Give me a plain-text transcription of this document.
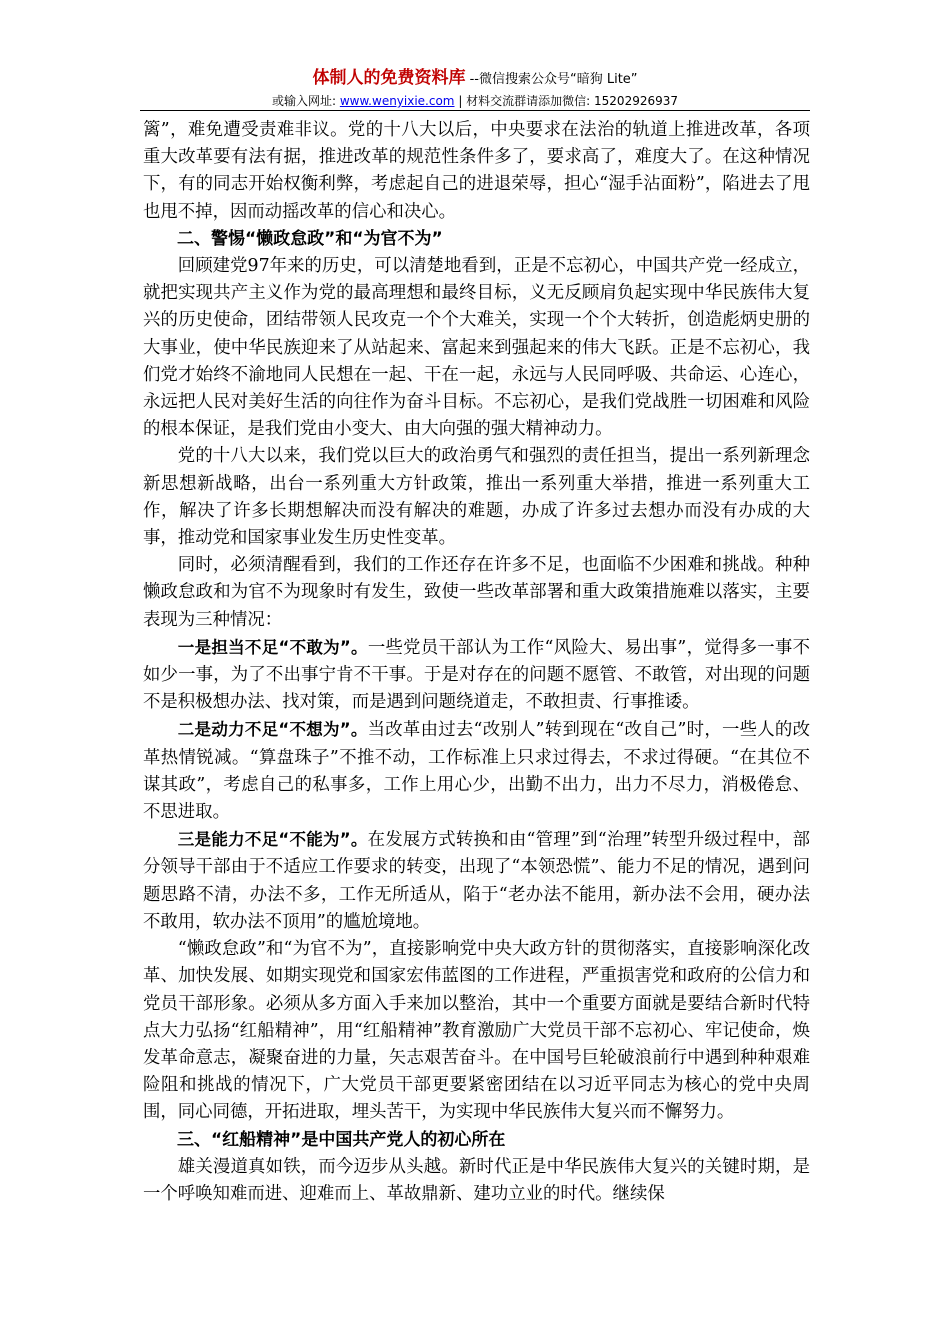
体制人的免费资料库 --微信搜索公众号“暗狗 Lite”
或输入网址: www.wenyixie.com | 材料交流群请添加微信: 15202926937

篱”，难免遭受责难非议。党的十八大以后，中央要求在法治的轨道上推进改革，各项重大改革要有法有据，推进改革的规范性条件多了，要求高了，难度大了。在这种情况下，有的同志开始权衡利弊，考虑起自己的进退荣辱，担心“湿手沾面粉”，陷进去了甩也甩不掉，因而动摇改革的信心和决心。

二、警惕“懒政怠政”和“为官不为”

回顾建党97年来的历史，可以清楚地看到，正是不忘初心，中国共产党一经成立，就把实现共产主义作为党的最高理想和最终目标，义无反顾肩负起实现中华民族伟大复兴的历史使命，团结带领人民攻克一个个大难关，实现一个个大转折，创造彪炳史册的大事业，使中华民族迎来了从站起来、富起来到强起来的伟大飞跃。正是不忘初心，我们党才始终不渝地同人民想在一起、干在一起，永远与人民同呼吸、共命运、心连心，永远把人民对美好生活的向往作为奋斗目标。不忘初心，是我们党战胜一切困难和风险的根本保证，是我们党由小变大、由大向强的强大精神动力。

党的十八大以来，我们党以巨大的政治勇气和强烈的责任担当，提出一系列新理念新思想新战略，出台一系列重大方针政策，推出一系列重大举措，推进一系列重大工作，解决了许多长期想解决而没有解决的难题，办成了许多过去想办而没有办成的大事，推动党和国家事业发生历史性变革。

同时，必须清醒看到，我们的工作还存在许多不足，也面临不少困难和挑战。种种懒政怠政和为官不为现象时有发生，致使一些改革部署和重大政策措施难以落实，主要表现为三种情况：

一是担当不足“不敢为”。一些党员干部认为工作“风险大、易出事”，觉得多一事不如少一事，为了不出事宁肯不干事。于是对存在的问题不愿管、不敢管，对出现的问题不是积极想办法、找对策，而是遇到问题绕道走，不敢担责、行事推诿。

二是动力不足“不想为”。当改革由过去“改别人”转到现在“改自己”时，一些人的改革热情锐减。“算盘珠子”不推不动，工作标准上只求过得去，不求过得硬。“在其位不谋其政”，考虑自己的私事多，工作上用心少，出勤不出力，出力不尽力，消极倦怠、不思进取。

三是能力不足“不能为”。在发展方式转换和由“管理”到“治理”转型升级过程中，部分领导干部由于不适应工作要求的转变，出现了“本领恐慌”、能力不足的情况，遇到问题思路不清，办法不多，工作无所适从，陷于“老办法不能用，新办法不会用，硬办法不敢用，软办法不顶用”的尴尬境地。

“懒政怠政”和“为官不为”，直接影响党中央大政方针的贯彻落实，直接影响深化改革、加快发展、如期实现党和国家宏伟蓝图的工作进程，严重损害党和政府的公信力和党员干部形象。必须从多方面入手来加以整治，其中一个重要方面就是要结合新时代特点大力弘扬“红船精神”，用“红船精神”教育激励广大党员干部不忘初心、牢记使命，焕发革命意志，凝聚奋进的力量，矢志艰苦奋斗。在中国号巨轮破浪前行中遇到种种艰难险阻和挑战的情况下，广大党员干部更要紧密团结在以习近平同志为核心的党中央周围，同心同德，开拓进取，埋头苦干，为实现中华民族伟大复兴而不懈努力。

三、“红船精神”是中国共产党人的初心所在

雄关漫道真如铁，而今迈步从头越。新时代正是中华民族伟大复兴的关键时期，是一个呼唤知难而进、迎难而上、革故鼎新、建功立业的时代。继续保
